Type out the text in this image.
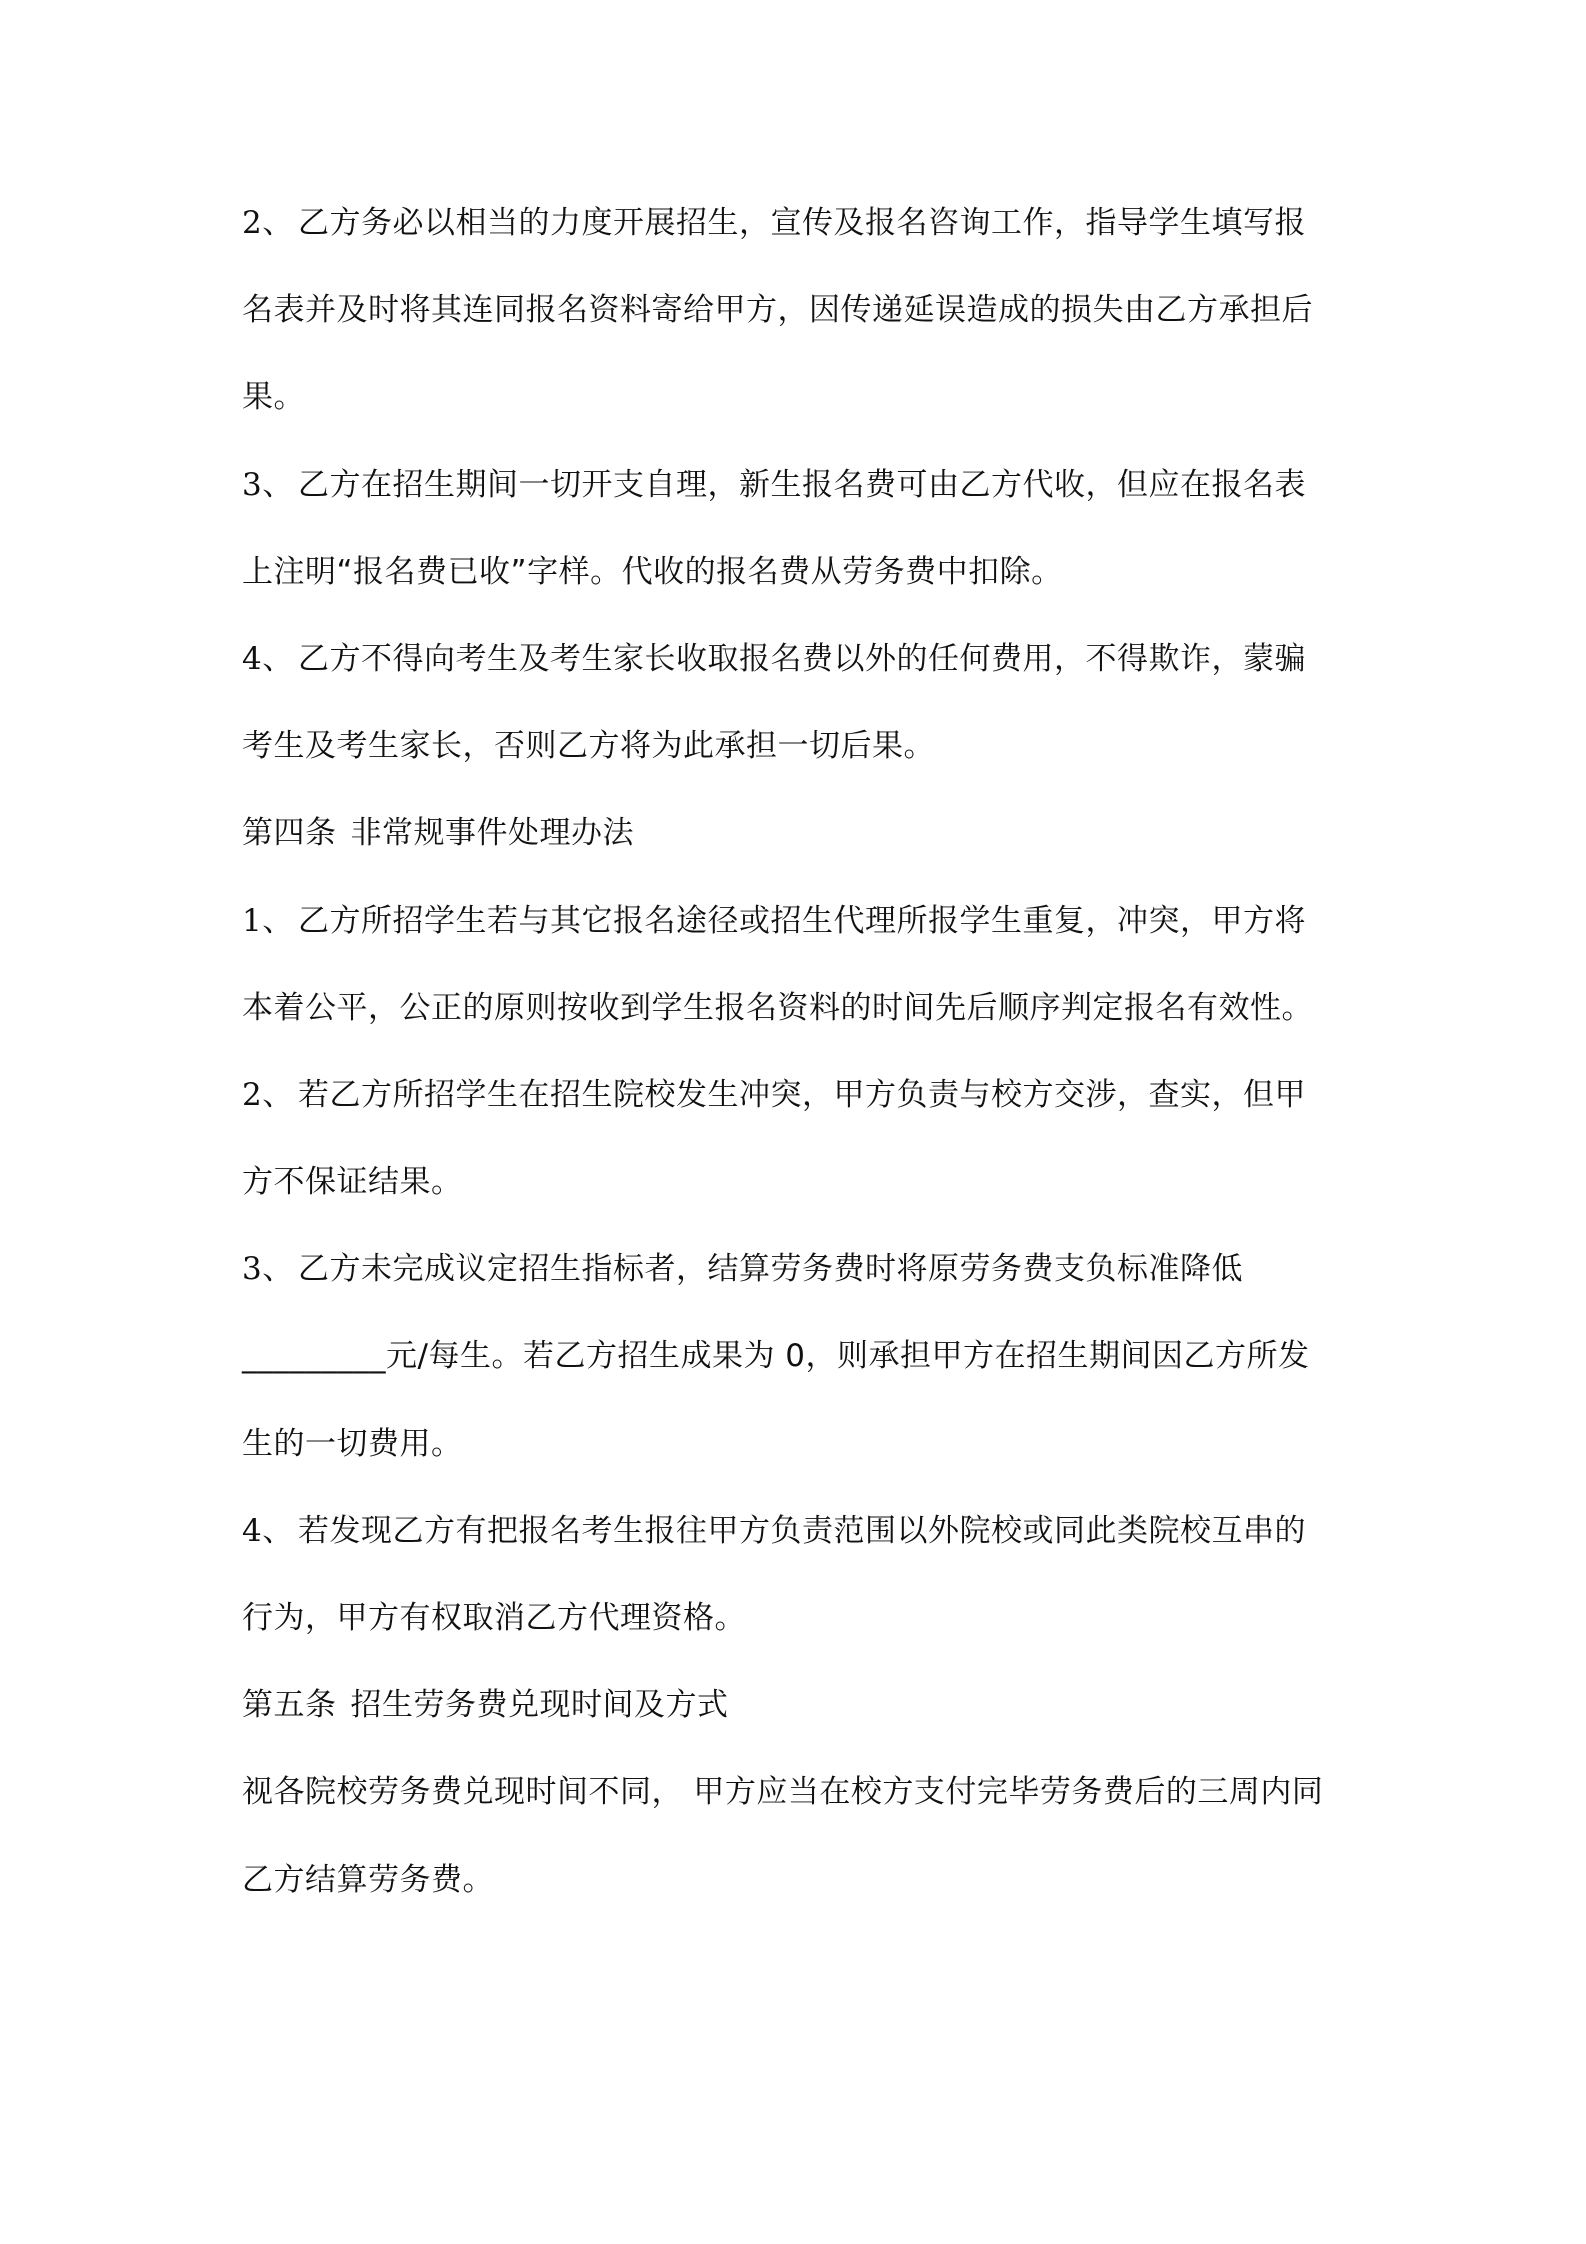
2、 乙方务必以相当的力度开展招生，宣传及报名咨询工作，指导学生填写报
名表并及时将其连同报名资料寄给甲方，因传递延误造成的损失由乙方承担后
果。
3、 乙方在招生期间一切开支自理，新生报名费可由乙方代收，但应在报名表
上注明“报名费已收”字样。代收的报名费从劳务费中扣除。
4、 乙方不得向考生及考生家长收取报名费以外的任何费用，不得欺诈，蒙骗
考生及考生家长，否则乙方将为此承担一切后果。
第四条 非常规事件处理办法
1、 乙方所招学生若与其它报名途径或招生代理所报学生重复，冲突，甲方将
本着公平，公正的原则按收到学生报名资料的时间先后顺序判定报名有效性。
2、 若乙方所招学生在招生院校发生冲突，甲方负责与校方交涉，查实，但甲
方不保证结果。
3、 乙方未完成议定招生指标者，结算劳务费时将原劳务费支负标准降低
_________元/每生。若乙方招生成果为 0，则承担甲方在招生期间因乙方所发
生的一切费用。
4、 若发现乙方有把报名考生报往甲方负责范围以外院校或同此类院校互串的
行为，甲方有权取消乙方代理资格。
第五条 招生劳务费兑现时间及方式
视各院校劳务费兑现时间不同， 甲方应当在校方支付完毕劳务费后的三周内同
乙方结算劳务费。
